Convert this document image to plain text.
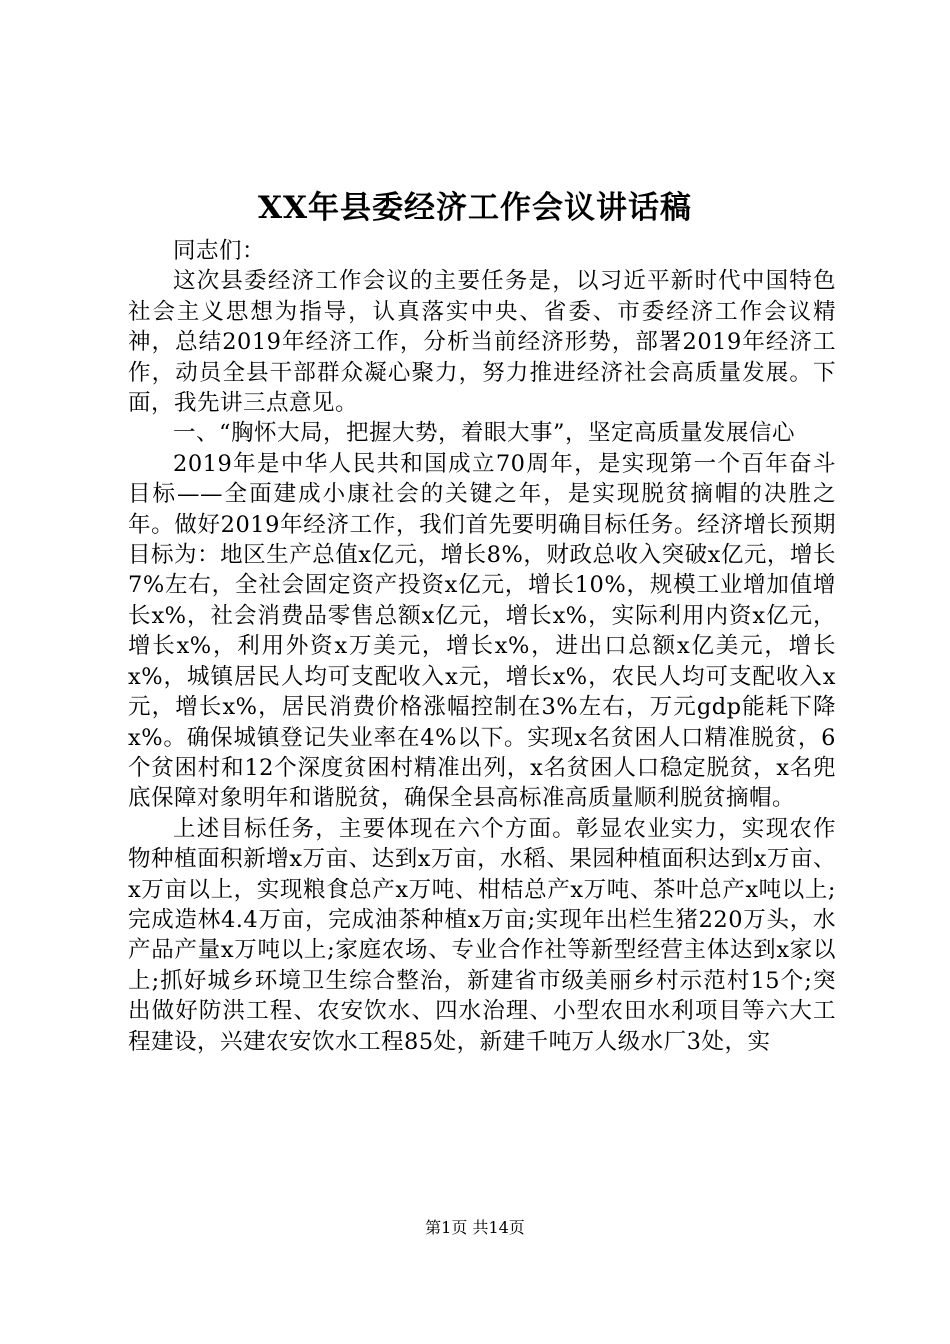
XX年县委经济工作会议讲话稿

同志们：

这次县委经济工作会议的主要任务是，以习近平新时代中国特色社会主义思想为指导，认真落实中央、省委、市委经济工作会议精神，总结2019年经济工作，分析当前经济形势，部署2019年经济工作，动员全县干部群众凝心聚力，努力推进经济社会高质量发展。下面，我先讲三点意见。

一、“胸怀大局，把握大势，着眼大事”，坚定高质量发展信心

2019年是中华人民共和国成立70周年，是实现第一个百年奋斗目标——全面建成小康社会的关键之年，是实现脱贫摘帽的决胜之年。做好2019年经济工作，我们首先要明确目标任务。经济增长预期目标为：地区生产总值x亿元，增长8%，财政总收入突破x亿元，增长7%左右，全社会固定资产投资x亿元，增长10%，规模工业增加值增长x%，社会消费品零售总额x亿元，增长x%，实际利用内资x亿元，增长x%，利用外资x万美元，增长x%，进出口总额x亿美元，增长x%，城镇居民人均可支配收入x元，增长x%，农民人均可支配收入x元，增长x%，居民消费价格涨幅控制在3%左右，万元gdp能耗下降x%。确保城镇登记失业率在4%以下。实现x名贫困人口精准脱贫，6个贫困村和12个深度贫困村精准出列，x名贫困人口稳定脱贫，x名兜底保障对象明年和谐脱贫，确保全县高标准高质量顺利脱贫摘帽。

上述目标任务，主要体现在六个方面。彰显农业实力，实现农作物种植面积新增x万亩、达到x万亩，水稻、果园种植面积达到x万亩、x万亩以上，实现粮食总产x万吨、柑桔总产x万吨、茶叶总产x吨以上;完成造林4.4万亩，完成油茶种植x万亩;实现年出栏生猪220万头，水产品产量x万吨以上;家庭农场、专业合作社等新型经营主体达到x家以上;抓好城乡环境卫生综合整治，新建省市级美丽乡村示范村15个;突出做好防洪工程、农安饮水、四水治理、小型农田水利项目等六大工程建设，兴建农安饮水工程85处，新建千吨万人级水厂3处，实

第1页 共14页
